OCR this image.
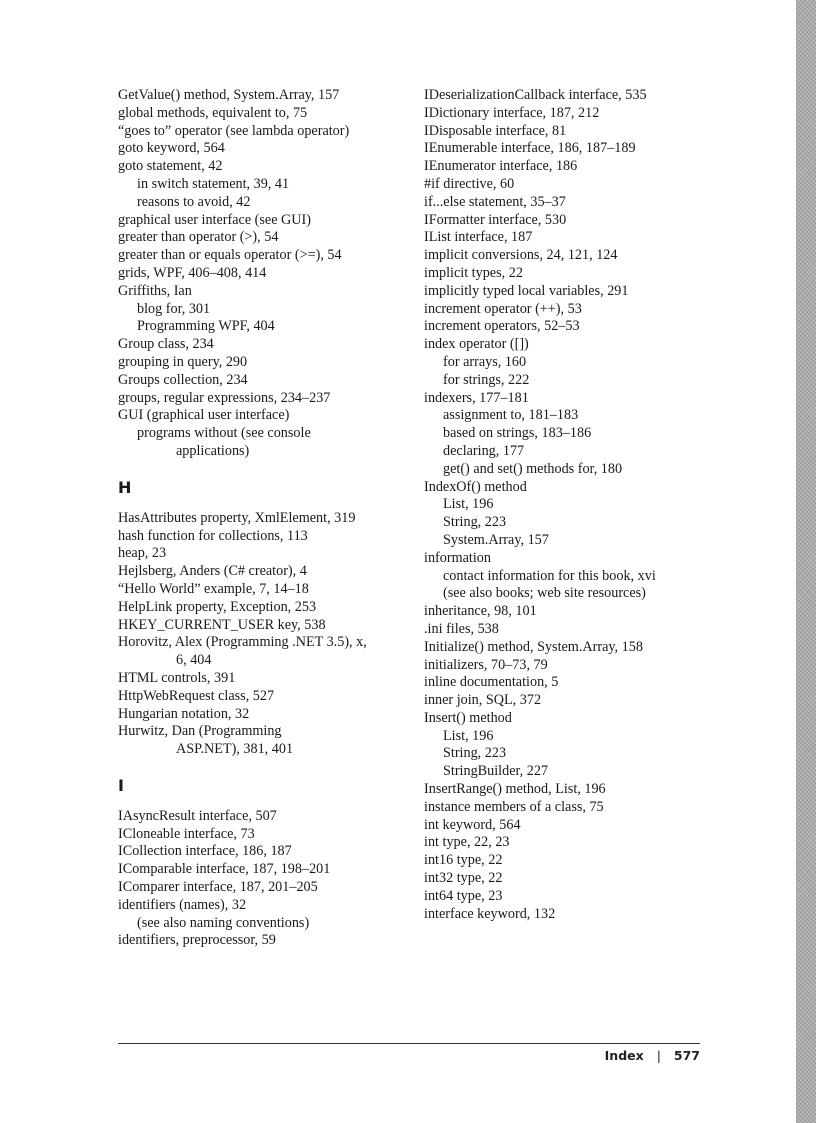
GetValue() method, System.Array, 157
global methods, equivalent to, 75
“goes to” operator (see lambda operator)
goto keyword, 564
goto statement, 42
in switch statement, 39, 41
reasons to avoid, 42
graphical user interface (see GUI)
greater than operator (>), 54
greater than or equals operator (>=), 54
grids, WPF, 406–408, 414
Griffiths, Ian
blog for, 301
Programming WPF, 404
Group class, 234
grouping in query, 290
Groups collection, 234
groups, regular expressions, 234–237
GUI (graphical user interface)
programs without (see console
applications)
H
HasAttributes property, XmlElement, 319
hash function for collections, 113
heap, 23
Hejlsberg, Anders (C# creator), 4
“Hello World” example, 7, 14–18
HelpLink property, Exception, 253
HKEY_CURRENT_USER key, 538
Horovitz, Alex (Programming .NET 3.5), x,
6, 404
HTML controls, 391
HttpWebRequest class, 527
Hungarian notation, 32
Hurwitz, Dan (Programming
ASP.NET), 381, 401
I
IAsyncResult interface, 507
ICloneable interface, 73
ICollection interface, 186, 187
IComparable interface, 187, 198–201
IComparer interface, 187, 201–205
identifiers (names), 32
(see also naming conventions)
identifiers, preprocessor, 59
IDeserializationCallback interface, 535
IDictionary interface, 187, 212
IDisposable interface, 81
IEnumerable interface, 186, 187–189
IEnumerator interface, 186
#if directive, 60
if...else statement, 35–37
IFormatter interface, 530
IList interface, 187
implicit conversions, 24, 121, 124
implicit types, 22
implicitly typed local variables, 291
increment operator (++), 53
increment operators, 52–53
index operator ([])
for arrays, 160
for strings, 222
indexers, 177–181
assignment to, 181–183
based on strings, 183–186
declaring, 177
get() and set() methods for, 180
IndexOf() method
List, 196
String, 223
System.Array, 157
information
contact information for this book, xvi
(see also books; web site resources)
inheritance, 98, 101
.ini files, 538
Initialize() method, System.Array, 158
initializers, 70–73, 79
inline documentation, 5
inner join, SQL, 372
Insert() method
List, 196
String, 223
StringBuilder, 227
InsertRange() method, List, 196
instance members of a class, 75
int keyword, 564
int type, 22, 23
int16 type, 22
int32 type, 22
int64 type, 23
interface keyword, 132
Index | 577
